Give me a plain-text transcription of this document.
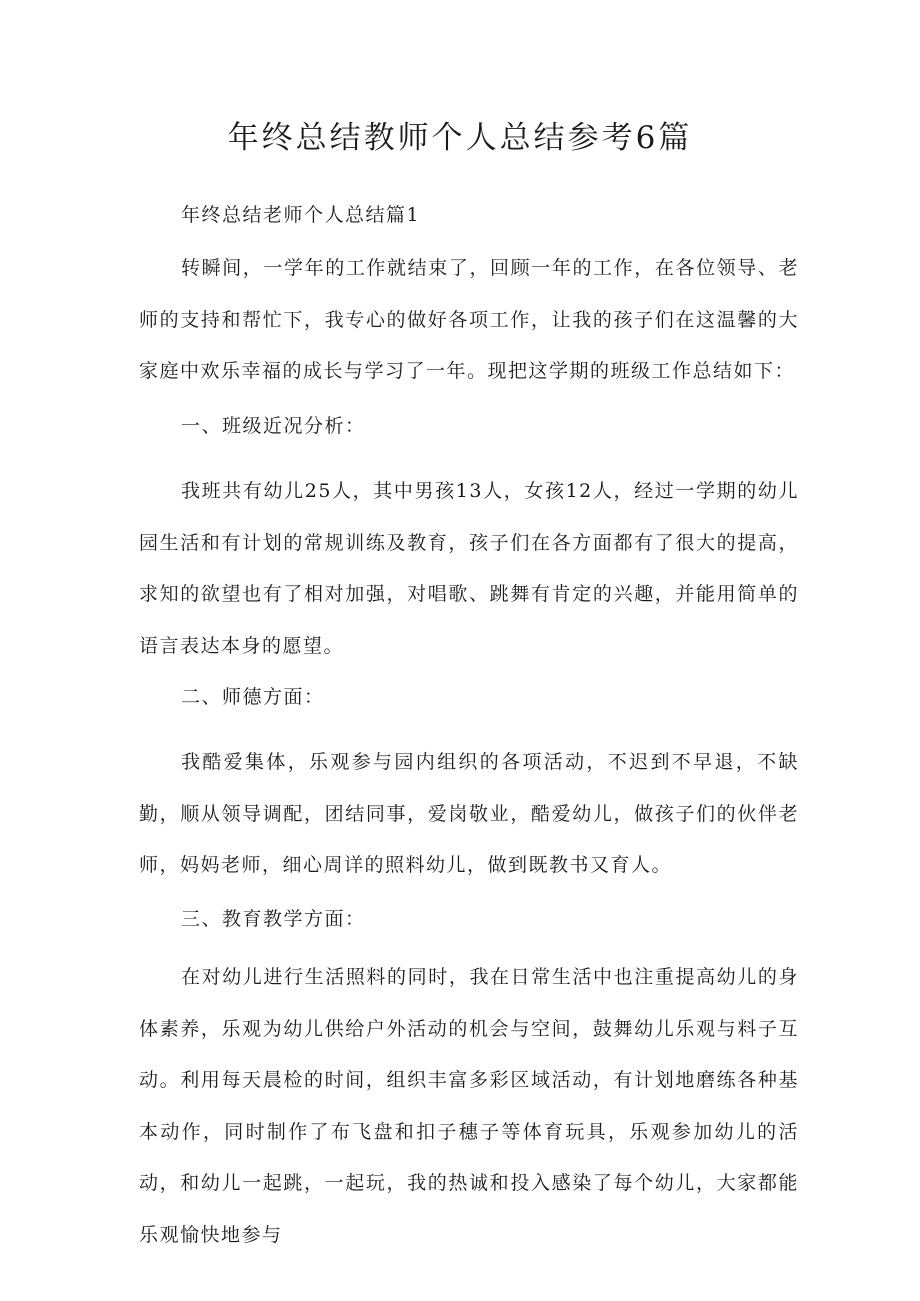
年终总结教师个人总结参考6篇

年终总结老师个人总结篇1

转瞬间，一学年的工作就结束了，回顾一年的工作，在各位领导、老师的支持和帮忙下，我专心的做好各项工作，让我的孩子们在这温馨的大家庭中欢乐幸福的成长与学习了一年。现把这学期的班级工作总结如下：

一、班级近况分析：

我班共有幼儿25人，其中男孩13人，女孩12人，经过一学期的幼儿园生活和有计划的常规训练及教育，孩子们在各方面都有了很大的提高，求知的欲望也有了相对加强，对唱歌、跳舞有肯定的兴趣，并能用简单的语言表达本身的愿望。

二、师德方面：

我酷爱集体，乐观参与园内组织的各项活动，不迟到不早退，不缺勤，顺从领导调配，团结同事，爱岗敬业，酷爱幼儿，做孩子们的伙伴老师，妈妈老师，细心周详的照料幼儿，做到既教书又育人。

三、教育教学方面：

在对幼儿进行生活照料的同时，我在日常生活中也注重提高幼儿的身体素养，乐观为幼儿供给户外活动的机会与空间，鼓舞幼儿乐观与料子互动。利用每天晨检的时间，组织丰富多彩区域活动，有计划地磨练各种基本动作，同时制作了布飞盘和扣子穗子等体育玩具，乐观参加幼儿的活动，和幼儿一起跳，一起玩，我的热诚和投入感染了每个幼儿，大家都能乐观愉快地参与
